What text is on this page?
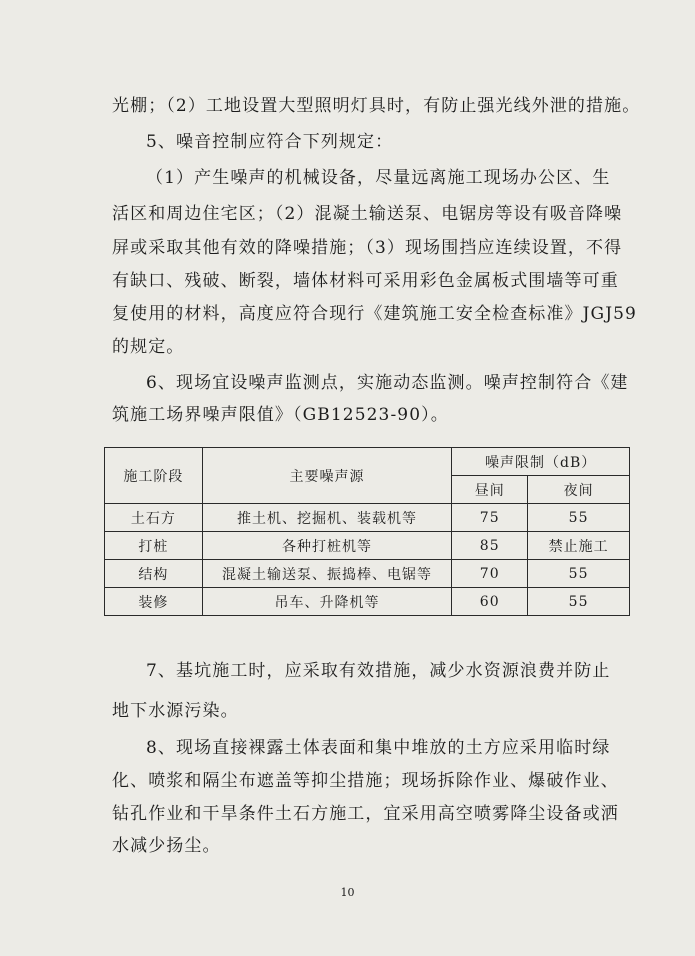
光棚；（2）工地设置大型照明灯具时，有防止强光线外泄的措施。
5、噪音控制应符合下列规定：
（1）产生噪声的机械设备，尽量远离施工现场办公区、生
活区和周边住宅区；（2）混凝土输送泵、电锯房等设有吸音降噪
屏或采取其他有效的降噪措施；（3）现场围挡应连续设置，不得
有缺口、残破、断裂，墙体材料可采用彩色金属板式围墙等可重
复使用的材料，高度应符合现行《建筑施工安全检查标准》JGJ59
的规定。
6、现场宜设噪声监测点，实施动态监测。噪声控制符合《建
筑施工场界噪声限值》（GB12523-90）。
施工阶段	主要噪声源	噪声限制（dB）	
		昼间	夜间
土石方	推土机、挖掘机、装载机等	75	55
打桩	各种打桩机等	85	禁止施工
结构	混凝土输送泵、振捣棒、电锯等	70	55
装修	吊车、升降机等	60	55
7、基坑施工时，应采取有效措施，减少水资源浪费并防止
地下水源污染。
8、现场直接裸露土体表面和集中堆放的土方应采用临时绿
化、喷浆和隔尘布遮盖等抑尘措施；现场拆除作业、爆破作业、
钻孔作业和干旱条件土石方施工，宜采用高空喷雾降尘设备或洒
水减少扬尘。
10
